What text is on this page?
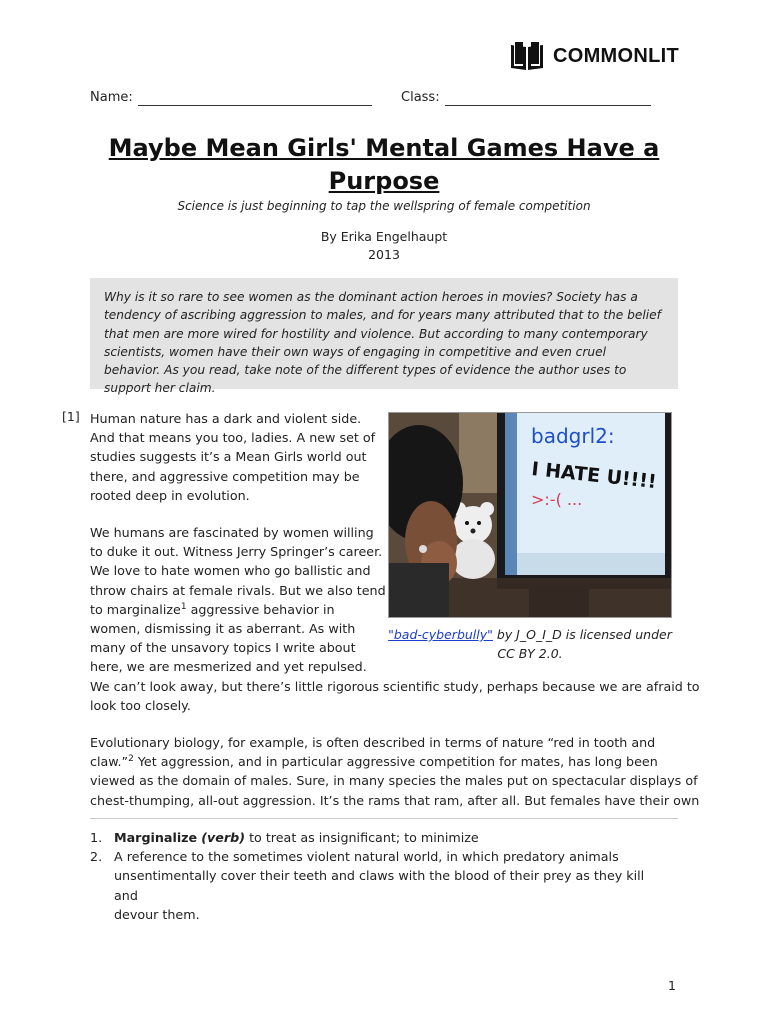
COMMONLIT
Name:	Class:
Maybe Mean Girls' Mental Games Have a Purpose
Science is just beginning to tap the wellspring of female competition
By Erika Engelhaupt
2013
Why is it so rare to see women as the dominant action heroes in movies? Society has a tendency of ascribing aggression to males, and for years many attributed that to the belief that men are more wired for hostility and violence. But according to many contemporary scientists, women have their own ways of engaging in competitive and even cruel behavior. As you read, take note of the different types of evidence the author uses to support her claim.
[1]
badgrl2:
I HATE U!!!!
>:-( ...
"bad-cyberbully" by J_O_I_D is licensed under
CC BY 2.0.
Human nature has a dark and violent side.
And that means you too, ladies. A new set of
studies suggests it’s a Mean Girls world out
there, and aggressive competition may be
rooted deep in evolution.
We humans are fascinated by women willing
to duke it out. Witness Jerry Springer’s career.
We love to hate women who go ballistic and
throw chairs at female rivals. But we also tend
to marginalize$^1$ aggressive behavior in
women, dismissing it as aberrant. As with
many of the unsavory topics I write about
here, we are mesmerized and yet repulsed.
We can’t look away, but there’s little rigorous scientific study, perhaps because we are afraid to
look too closely.
Evolutionary biology, for example, is often described in terms of nature “red in tooth and
claw.”$^2$ Yet aggression, and in particular aggressive competition for mates, has long been
viewed as the domain of males. Sure, in many species the males put on spectacular displays of
chest-thumping, all-out aggression. It’s the rams that ram, after all. But females have their own
1. Marginalize (verb) to treat as insignificant; to minimize
2. A reference to the sometimes violent natural world, in which predatory animals
unsentimentally cover their teeth and claws with the blood of their prey as they kill and
devour them.
1
